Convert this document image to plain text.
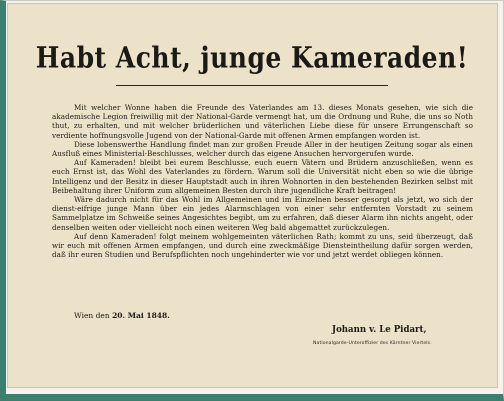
Habt Acht, junge Kameraden!

Mit welcher Wonne haben die Freunde des Vaterlandes am 13. dieses Monats gesehen, wie sich die akademische Legion freiwillig mit der National-Garde vermengt hat, um die Ordnung und Ruhe, die uns so Noth thut, zu erhalten, und mit welcher brüderlichen und väterlichen Liebe diese für unsere Errungenschaft so verdiente hoffnungsvolle Jugend von der National-Garde mit offenen Armen empfangen worden ist.

Diese lobenswerthe Handlung findet man zur großen Freude Aller in der heutigen Zeitung sogar als einen Ausfluß eines Ministerial-Beschlusses, welcher durch das eigene Ansuchen hervorgerufen wurde.

Auf Kameraden! bleibt bei eurem Beschlusse, euch euern Vätern und Brüdern anzuschließen, wenn es euch Ernst ist, das Wohl des Vaterlandes zu fördern. Warum soll die Universität nicht eben so wie die übrige Intelligenz und der Besitz in dieser Hauptstadt auch in ihren Wohnorten in den bestehenden Bezirken selbst mit Beibehaltung ihrer Uniform zum allgemeinen Besten durch ihre jugendliche Kraft beitragen!

Wäre dadurch nicht für das Wohl im Allgemeinen und im Einzelnen besser gesorgt als jetzt, wo sich der dienst-eifrige junge Mann über ein jedes Alarmschlagen von einer sehr entfernten Vorstadt zu seinem Sammelplatze im Schweiße seines Angesichtes begibt, um zu erfahren, daß dieser Alarm ihn nichts angeht, oder denselben weiten oder vielleicht noch einen weiteren Weg bald abgemattet zurückzulegen.

Auf denn Kameraden! folgt meinem wohlgemeinten väterlichen Rath; kommt zu uns, seid überzeugt, daß wir euch mit offenen Armen empfangen, und durch eine zweckmäßige Diensteintheilung dafür sorgen werden, daß ihr euren Studien und Berufspflichten noch ungehinderter wie vor und jetzt werdet obliegen können.

Wien den 20. Mai 1848.
Johann v. Le Pidart,
Nationalgarde-Unteroffizier des Kärntner Viertels.
